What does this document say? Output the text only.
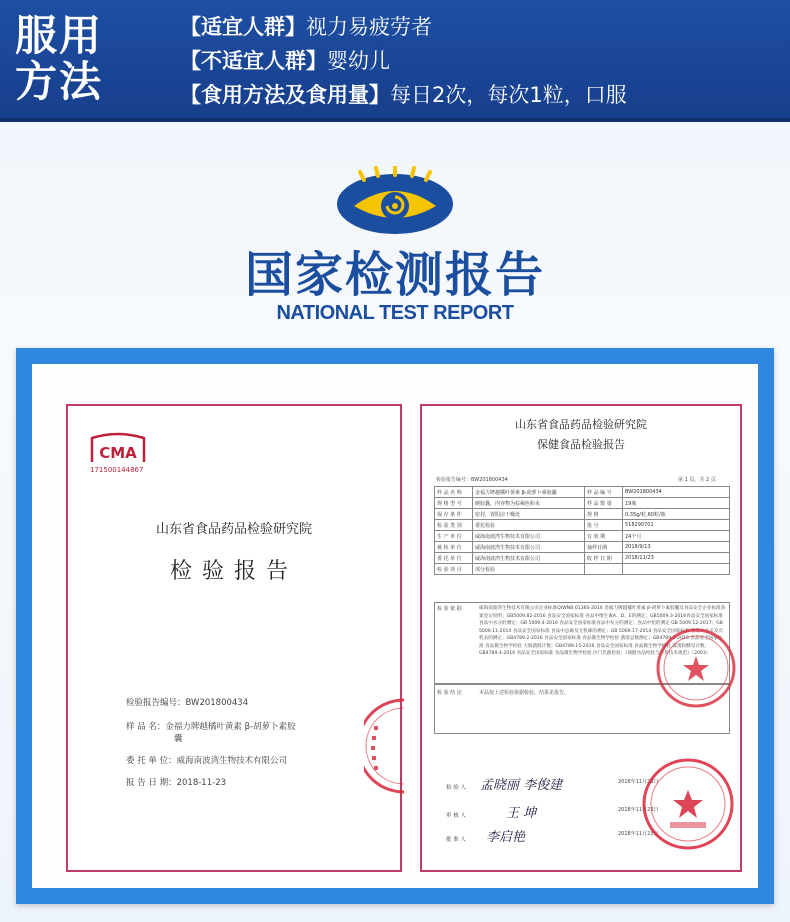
服用
方法
【适宜人群】视力易疲劳者
【不适宜人群】婴幼儿
【食用方法及食用量】每日2次，每次1粒，口服
国家检测报告
NATIONAL TEST REPORT
CMA
171500144867
山东省食品药品检验研究院
检验报告
检验报告编号：BW201800434
样 品 名：金福力牌越橘叶黄素 β-胡萝卜素胶
囊
委 托 单 位：威海南波湾生物技术有限公司
报 告 日 期：2018-11-23
山东省食品药品检验研究院
保健食品检验报告
检验报告编号：BW201800434	第 1 页，共 2 页
样 品 名 称	金福力牌越橘叶黄素 β-胡萝卜素胶囊	样 品 编 号	BW201800434
规 格 型 号	硬胶囊，内容物为棕褐色粉末	样 品 数 量	19瓶
保 存 条 件	密封，置阴凉干燥处	规 格	0.35g/粒,60粒/瓶
检 验 类 别	委托检验	批 号	518290701
生 产 单 位	威海南波湾生物技术有限公司	有 效 期	24个月
被 检 单 位	威海南波湾生物技术有限公司	抽样日期	2018/9/13
委 托 单 位	威海南波湾生物技术有限公司	收 样 日 期	2018/11/23
检 验 项 目	部分检验		
检 验 依 据	威海南波湾生物技术有限公司企业标准Q/WNB 0136S-2016 金福力牌越橘叶黄素 β-胡萝卜素胶囊及食品安全企业标准备案登记说明；GB5009.82-2016 食品安全国家标准 食品中维生素A、D、E的测定；GB5009.3-2016食品安全国家标准食品中水分的测定；GB 5009.4-2016 食品安全国家标准食品中灰分的测定；食品中铅的测定 GB 5009.12-2017；GB 5009.11-2014 食品安全国家标准 食品中总砷及无机砷的测定；GB 5009.17-2014 食品安全国家标准 食品中总汞及有机汞的测定；GB4789.2-2016 食品安全国家标准 食品微生物学检验 菌落总数测定；GB4789.3-2016 食品安全国家标准 食品微生物学检验 大肠菌群计数；GB4789.15-2016 食品安全国家标准 食品微生物学检验 霉菌和酵母计数；GB4789.4-2016 食品安全国家标准 食品微生物学检验 沙门氏菌检验；《保健食品检验与评价技术规范》（2003）
检 验 结 论	本品按上述检验依据检验，结果见报告。
检 验 人 孟晓丽 李俊建	2018年11月23日
审 核 人	王 坤	2018年11月23日
批 准 人 李启艳	2018年11月23日
